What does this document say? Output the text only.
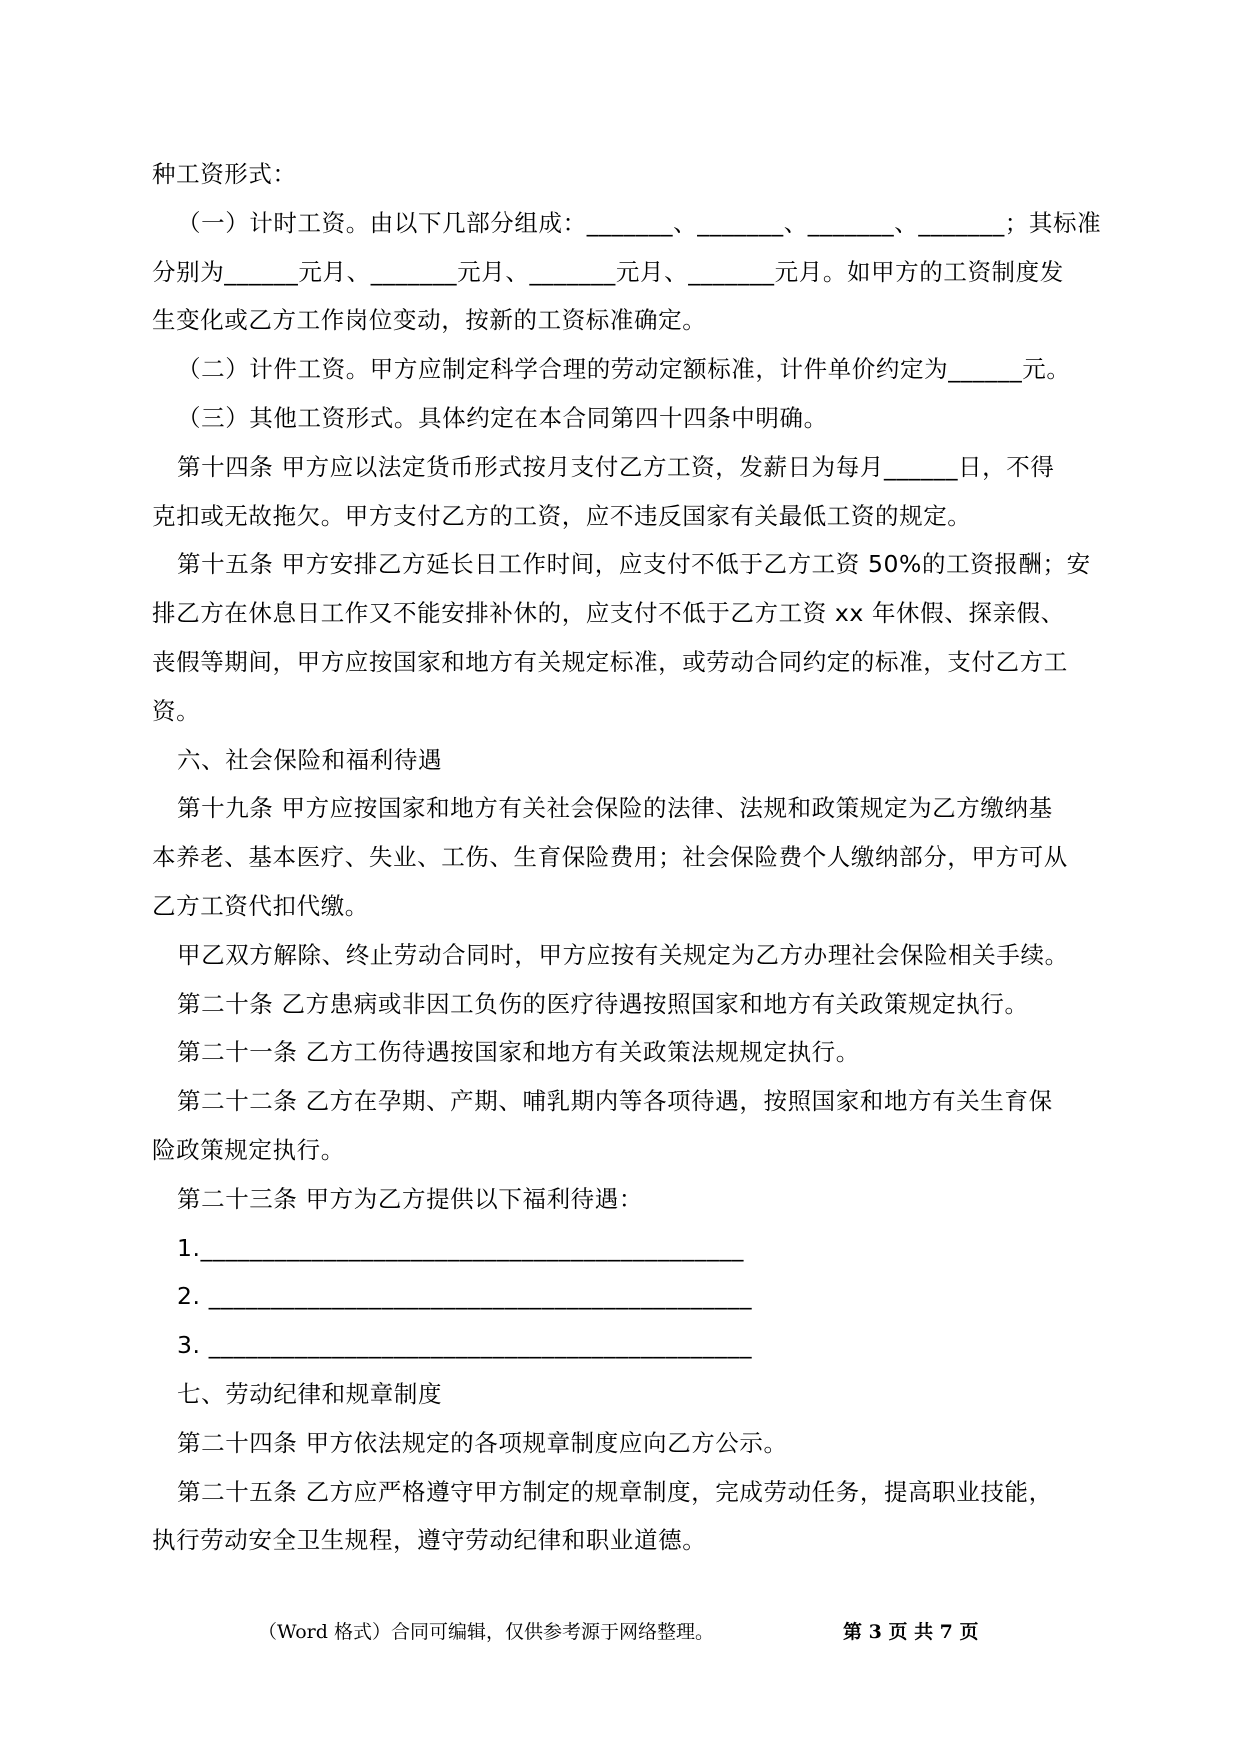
种工资形式：

（一）计时工资。由以下几部分组成：_______、_______、_______、_______；其标准

分别为______元月、_______元月、_______元月、_______元月。如甲方的工资制度发

生变化或乙方工作岗位变动，按新的工资标准确定。

（二）计件工资。甲方应制定科学合理的劳动定额标准，计件单价约定为______元。

（三）其他工资形式。具体约定在本合同第四十四条中明确。

第十四条 甲方应以法定货币形式按月支付乙方工资，发薪日为每月______日，不得

克扣或无故拖欠。甲方支付乙方的工资，应不违反国家有关最低工资的规定。

第十五条 甲方安排乙方延长日工作时间，应支付不低于乙方工资 50%的工资报酬；安

排乙方在休息日工作又不能安排补休的，应支付不低于乙方工资 xx 年休假、探亲假、

丧假等期间，甲方应按国家和地方有关规定标准，或劳动合同约定的标准，支付乙方工

资。

六、社会保险和福利待遇

第十九条 甲方应按国家和地方有关社会保险的法律、法规和政策规定为乙方缴纳基

本养老、基本医疗、失业、工伤、生育保险费用；社会保险费个人缴纳部分，甲方可从

乙方工资代扣代缴。

甲乙双方解除、终止劳动合同时，甲方应按有关规定为乙方办理社会保险相关手续。

第二十条 乙方患病或非因工负伤的医疗待遇按照国家和地方有关政策规定执行。

第二十一条 乙方工伤待遇按国家和地方有关政策法规规定执行。

第二十二条 乙方在孕期、产期、哺乳期内等各项待遇，按照国家和地方有关生育保

险政策规定执行。

第二十三条 甲方为乙方提供以下福利待遇：

1.____________________________________________

2. ____________________________________________

3. ____________________________________________

七、劳动纪律和规章制度

第二十四条 甲方依法规定的各项规章制度应向乙方公示。

第二十五条 乙方应严格遵守甲方制定的规章制度，完成劳动任务，提高职业技能，

执行劳动安全卫生规程，遵守劳动纪律和职业道德。

（Word 格式）合同可编辑，仅供参考源于网络整理。	第 3 页 共 7 页
